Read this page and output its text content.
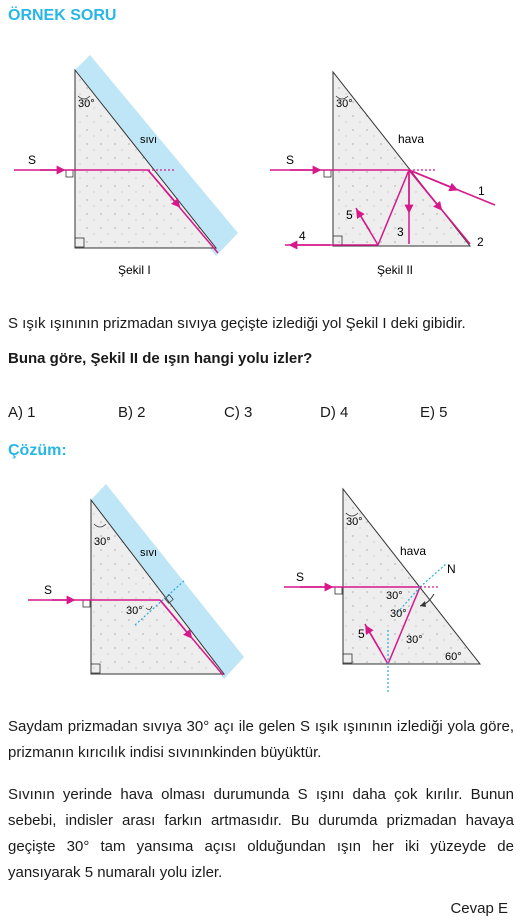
ÖRNEK SORU
S
30°
sıvı
Şekil I
S
30°
hava
1
2
3
4
5
Şekil II
S ışık ışınının prizmadan sıvıya geçişte izlediği yol Şekil I deki gibidir.
Buna göre, Şekil II de ışın hangi yolu izler?
A) 1	B) 2	C) 3	D) 4	E) 5
Çözüm:
S
30°
sıvı
30°
S
30°
hava
N
30°
30°
30°
60°
5
Saydam prizmadan sıvıya 30° açı ile gelen S ışık ışınının izlediği yola göre, prizmanın kırıcılık indisi sıvınınkinden büyüktür.
Sıvının yerinde hava olması durumunda S ışını daha çok kırılır. Bunun sebebi, indisler arası farkın artmasıdır. Bu durumda prizmadan havaya geçişte 30° tam yansıma açısı olduğundan ışın her iki yüzeyde de yansıyarak 5 numaralı yolu izler.
Cevap E
